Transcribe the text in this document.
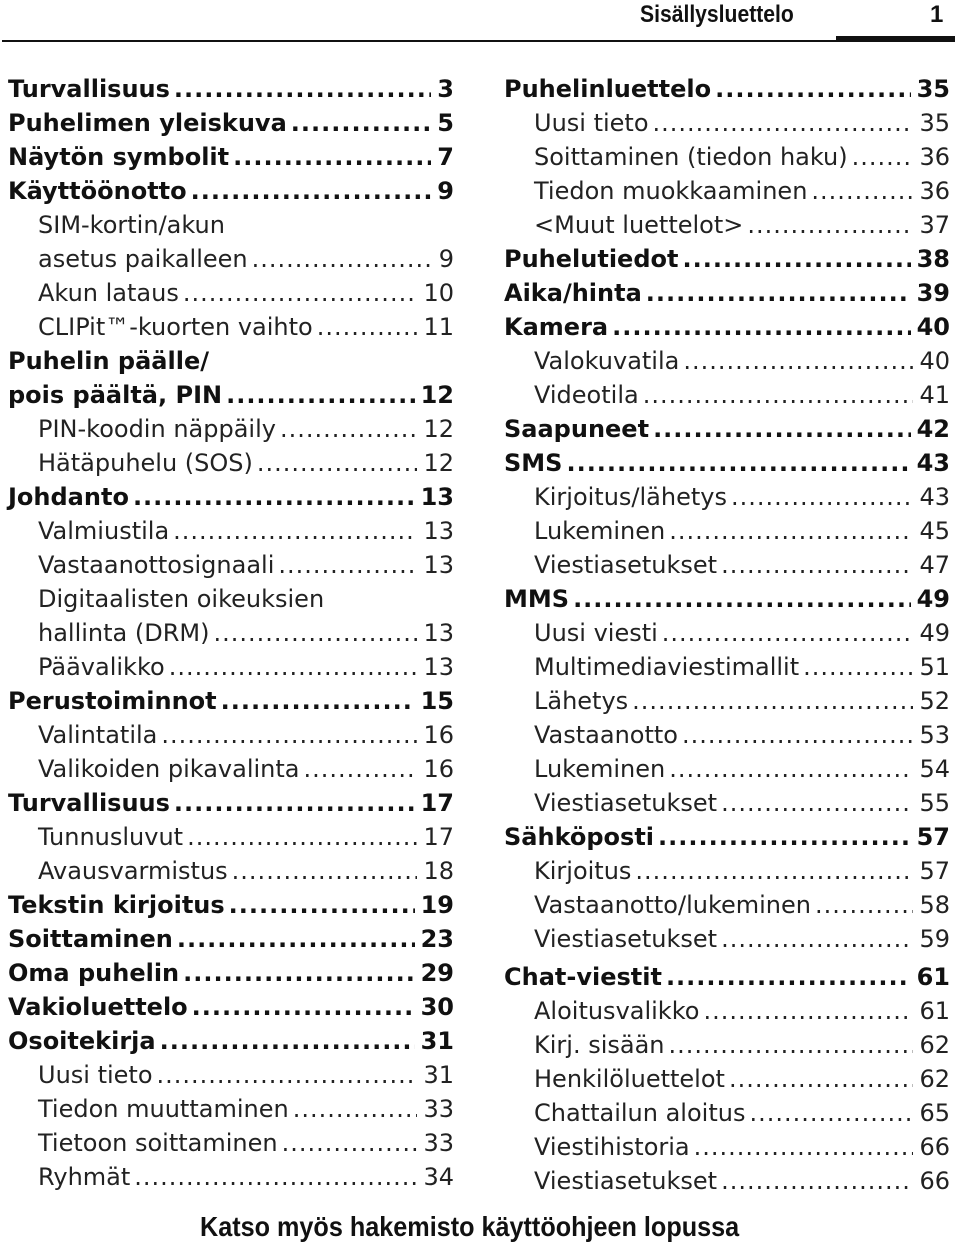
Sisällysluettelo	1
Turvallisuus .....	3
Puhelimen yleiskuva .....	5
Näytön symbolit .....	7
Käyttöönotto .....	9
SIM-kortin/akun
asetus paikalleen .....	9
Akun lataus .....	10
CLIPit™-kuorten vaihto .....	11
Puhelin päälle/
pois päältä, PIN .....	12
PIN-koodin näppäily .....	12
Hätäpuhelu (SOS) .....	12
Johdanto .....	13
Valmiustila .....	13
Vastaanottosignaali .....	13
Digitaalisten oikeuksien
hallinta (DRM) .....	13
Päävalikko .....	13
Perustoiminnot .....	15
Valintatila .....	16
Valikoiden pikavalinta .....	16
Turvallisuus .....	17
Tunnusluvut .....	17
Avausvarmistus .....	18
Tekstin kirjoitus .....	19
Soittaminen .....	23
Oma puhelin .....	29
Vakioluettelo .....	30
Osoitekirja .....	31
Uusi tieto .....	31
Tiedon muuttaminen .....	33
Tietoon soittaminen .....	33
Ryhmät .....	34
Puhelinluettelo .....	35
Uusi tieto .....	35
Soittaminen (tiedon haku) .....	36
Tiedon muokkaaminen .....	36
<Muut luettelot> .....	37
Puhelutiedot .....	38
Aika/hinta .....	39
Kamera .....	40
Valokuvatila .....	40
Videotila .....	41
Saapuneet .....	42
SMS .....	43
Kirjoitus/lähetys .....	43
Lukeminen .....	45
Viestiasetukset .....	47
MMS .....	49
Uusi viesti .....	49
Multimediaviestimallit .....	51
Lähetys .....	52
Vastaanotto .....	53
Lukeminen .....	54
Viestiasetukset .....	55
Sähköposti .....	57
Kirjoitus .....	57
Vastaanotto/lukeminen .....	58
Viestiasetukset .....	59
Chat-viestit .....	61
Aloitusvalikko .....	61
Kirj. sisään .....	62
Henkilöluettelot .....	62
Chattailun aloitus .....	65
Viestihistoria .....	66
Viestiasetukset .....	66
Katso myös hakemisto käyttöohjeen lopussa
